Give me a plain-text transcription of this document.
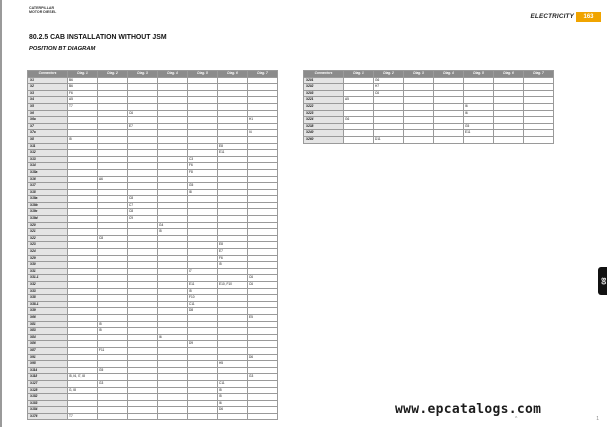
CATERPILLAR
MOTOR DIESEL
ELECTRICITY	163
80.2.5 CAB INSTALLATION WITHOUT JSM
POSITION BT DIAGRAM
Connectors	Diag. 1	Diag. 2	Diag. 3	Diag. 4	Diag. 5	Diag. 6	Diag. 7
X1	B6						
X2	B6						
X3	F6						
X4	A5						
X5	T7						
X6			C6				
X6a							H1
X7			E7				
X7a							I4
X8	I5						
X11						E8	
X12						E11	
X13					C3		
X14					F6		
X15a					F8		
X16		A6					
X17					G5		
X18					I8		
X19a			C8				
X19b			C7				
X19c			C8				
X19d			C9				
X20				G4			
X21				I5			
X22		C8					
X23						E8	
X24						E7	
X29						F6	
X30						I5	
X31					I7		
X31-1							C6
X32					E11	E10, F10	C6
X33					I5		
X38					F10		
X38-1					C11		
X39					D8		
X66							E5
X81		I5					
X83		I5					
X84				I6			
X86					D9		
X87		F11					
X91							D6
X95						H5	
X114		G5					
X118	I5, I6, I7, I8						G3
X127		G3				C11	
X128	G, I8					I5	
X152						I5	
X153						I6	
X154						D6	
X176	T7						
Connectors	Diag. 1	Diag. 2	Diag. 3	Diag. 4	Diag. 5	Diag. 6	Diag. 7
X201		G6					
X202		H7					
X203		C6					
X221	A5						
X222					I6		
X223					I6		
X224	G6						
X238					G5		
X240					E11		
X260		D11					
80
www.epcatalogs.com
^	1
